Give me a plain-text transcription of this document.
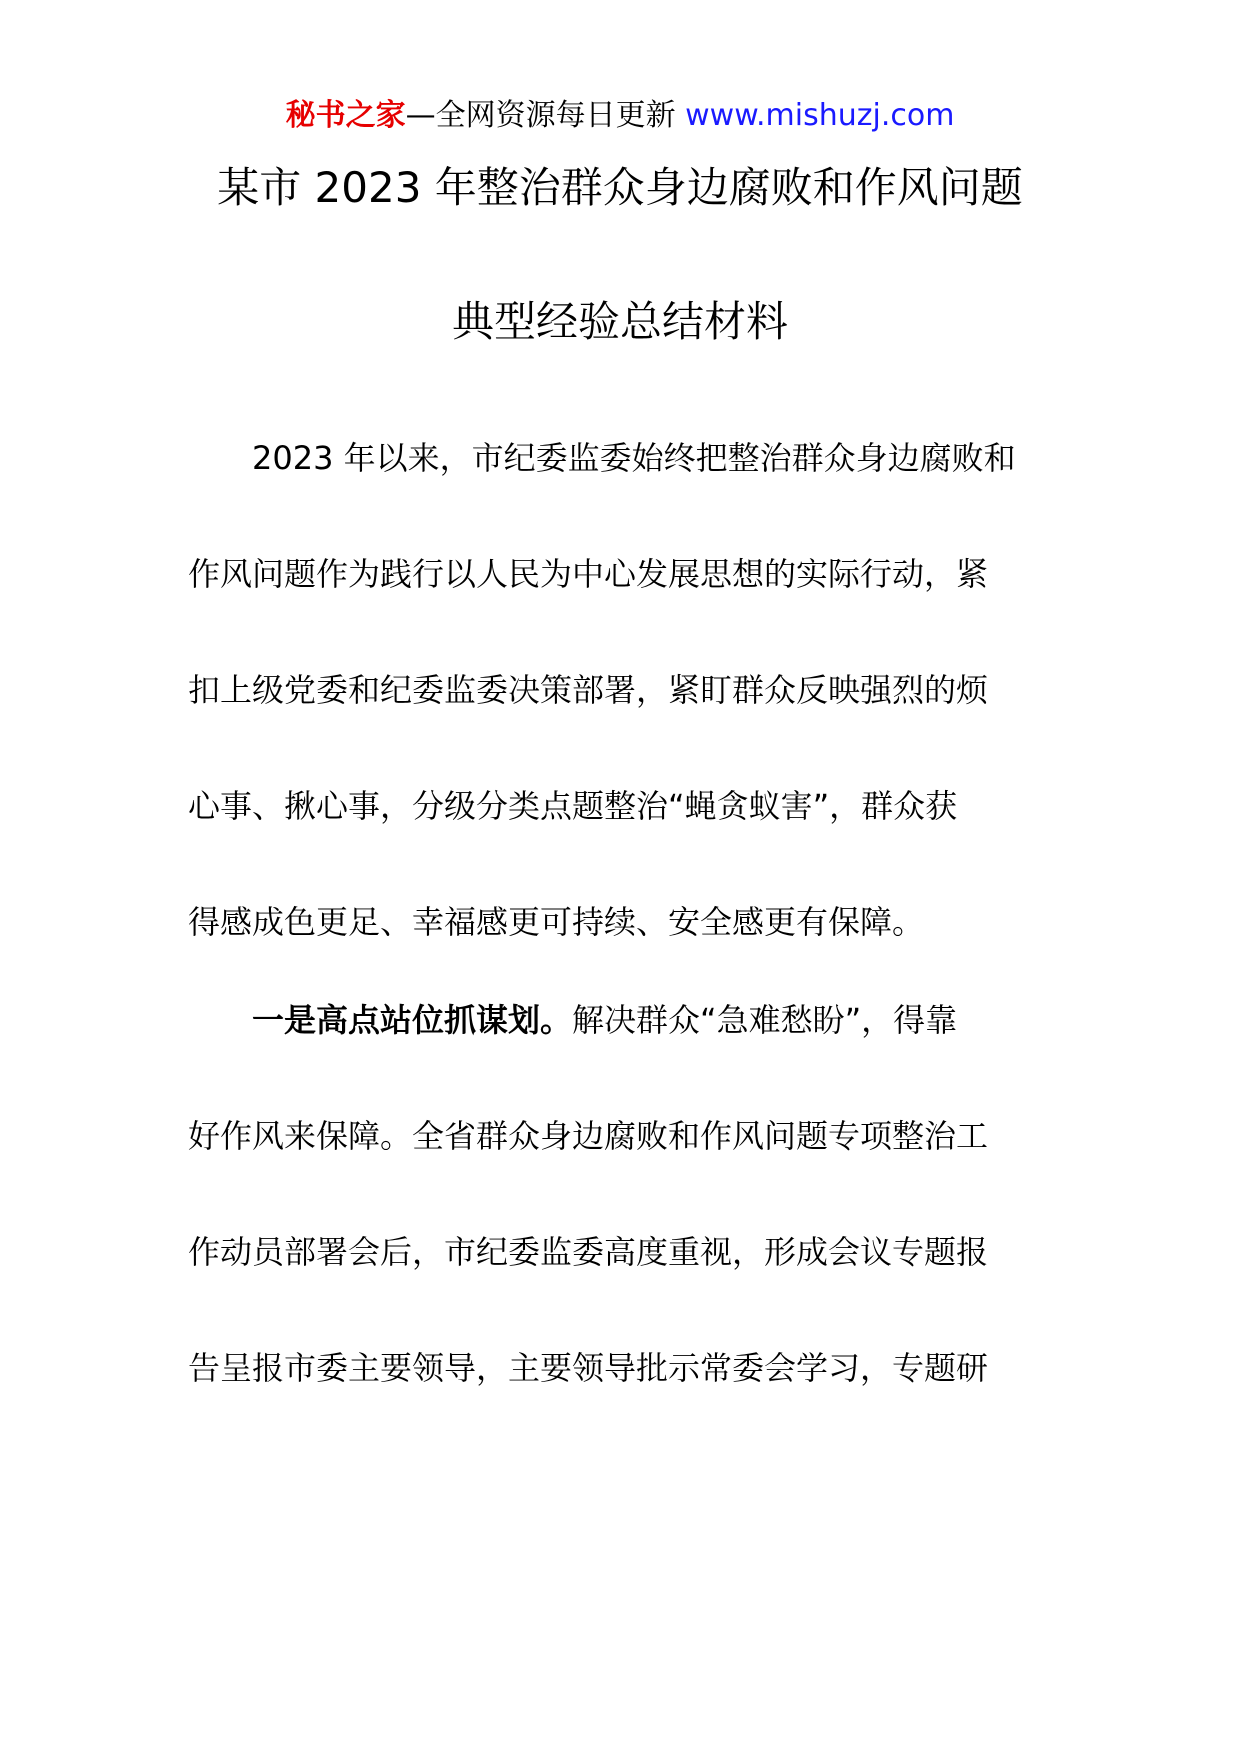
秘书之家—全网资源每日更新 www.mishuzj.com
某市 2023 年整治群众身边腐败和作风问题
典型经验总结材料
2023 年以来，市纪委监委始终把整治群众身边腐败和
作风问题作为践行以人民为中心发展思想的实际行动，紧
扣上级党委和纪委监委决策部署，紧盯群众反映强烈的烦
心事、揪心事，分级分类点题整治“蝇贪蚁害”，群众获
得感成色更足、幸福感更可持续、安全感更有保障。
一是高点站位抓谋划。解决群众“急难愁盼”，得靠
好作风来保障。全省群众身边腐败和作风问题专项整治工
作动员部署会后，市纪委监委高度重视，形成会议专题报
告呈报市委主要领导，主要领导批示常委会学习，专题研
